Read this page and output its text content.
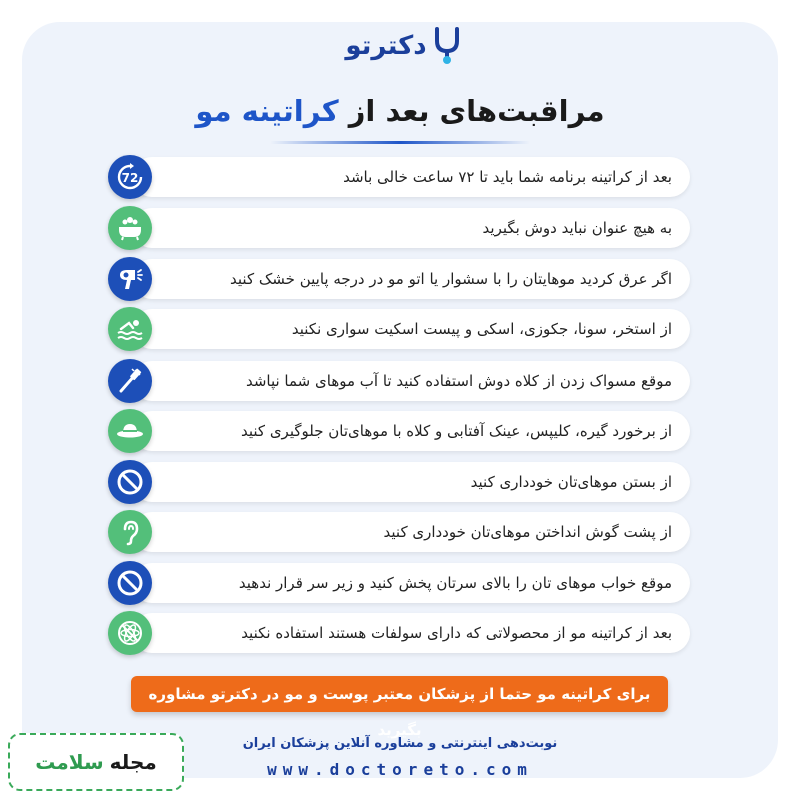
دکترتو
مراقبت‌های بعد از کراتینه مو
بعد از کراتینه برنامه شما باید تا ۷۲ ساعت خالی باشد
72
به هیچ عنوان نباید دوش بگیرید
اگر عرق کردید موهایتان را با سشوار یا اتو مو در درجه پایین خشک کنید
از استخر، سونا، جکوزی، اسکی و پیست اسکیت سواری نکنید
موقع مسواک زدن از کلاه دوش استفاده کنید تا آب موهای شما نپاشد
از برخورد گیره، کلیپس، عینک آفتابی و کلاه با موهای‌تان جلوگیری کنید
از بستن موهای‌تان خودداری کنید
از پشت گوش انداختن موهای‌تان خودداری کنید
موقع خواب موهای تان را بالای سرتان پخش کنید و زیر سر قرار ندهید
بعد از کراتینه مو از محصولاتی که دارای سولفات هستند استفاده نکنید
برای کراتینه مو حتما از پزشکان معتبر پوست و مو در دکترتو مشاوره بگیرید
نوبت‌دهی اینترنتی و مشاوره آنلاین پزشکان ایران
www.doctoreto.com
مجله
سلامت
